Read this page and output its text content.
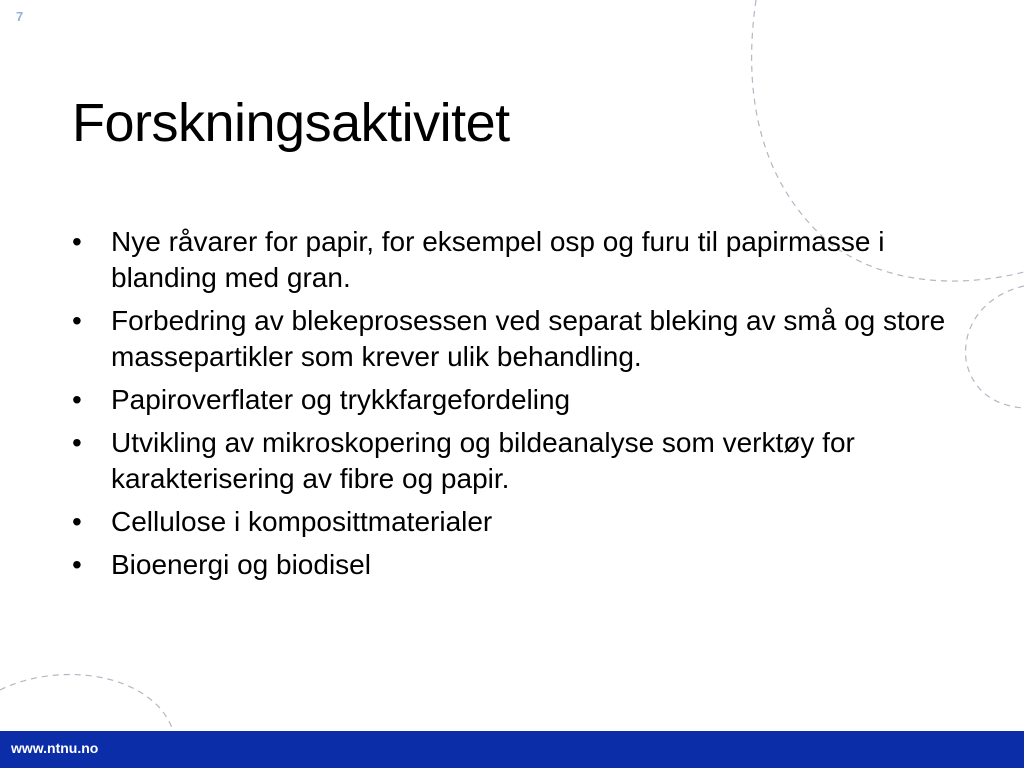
7
Forskningsaktivitet
• Nye råvarer for papir, for eksempel osp og furu til papirmasse i blanding med gran.
• Forbedring av blekeprosessen ved separat bleking av små og store massepartikler som krever ulik behandling.
• Papiroverflater og trykkfargefordeling
• Utvikling av mikroskopering og bildeanalyse som verktøy for karakterisering av fibre og papir.
• Cellulose i komposittmaterialer
• Bioenergi og biodisel
www.ntnu.no
